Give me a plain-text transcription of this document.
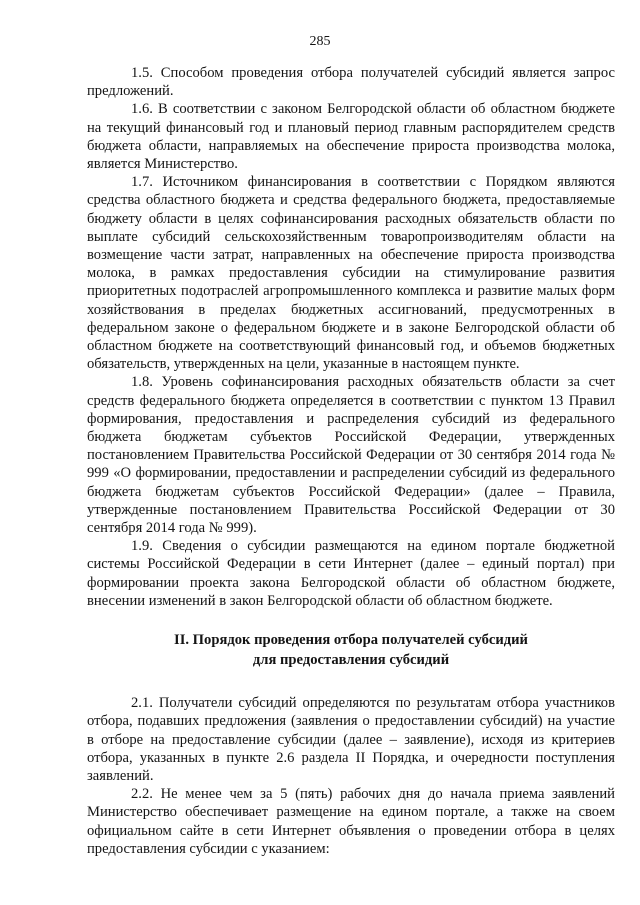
285

1.5. Способом проведения отбора получателей субсидий является запрос предложений.

1.6. В соответствии с законом Белгородской области об областном бюджете на текущий финансовый год и плановый период главным распорядителем средств бюджета области, направляемых на обеспечение прироста производства молока, является Министерство.

1.7. Источником финансирования в соответствии с Порядком являются средства областного бюджета и средства федерального бюджета, предоставляемые бюджету области в целях софинансирования расходных обязательств области по выплате субсидий сельскохозяйственным товаропроизводителям области на возмещение части затрат, направленных на обеспечение прироста производства молока, в рамках предоставления субсидии на стимулирование развития приоритетных подотраслей агропромышленного комплекса и развитие малых форм хозяйствования в пределах бюджетных ассигнований, предусмотренных в федеральном законе о федеральном бюджете и в законе Белгородской области об областном бюджете на соответствующий финансовый год, и объемов бюджетных обязательств, утвержденных на цели, указанные в настоящем пункте.

1.8. Уровень софинансирования расходных обязательств области за счет средств федерального бюджета определяется в соответствии с пунктом 13 Правил формирования, предоставления и распределения субсидий из федерального бюджета бюджетам субъектов Российской Федерации, утвержденных постановлением Правительства Российской Федерации от 30 сентября 2014 года № 999 «О формировании, предоставлении и распределении субсидий из федерального бюджета бюджетам субъектов Российской Федерации» (далее – Правила, утвержденные постановлением Правительства Российской Федерации от 30 сентября 2014 года № 999).

1.9. Сведения о субсидии размещаются на едином портале бюджетной системы Российской Федерации в сети Интернет (далее – единый портал) при формировании проекта закона Белгородской области об областном бюджете, внесении изменений в закон Белгородской области об областном бюджете.

II. Порядок проведения отбора получателей субсидий
для предоставления субсидий

2.1. Получатели субсидий определяются по результатам отбора участников отбора, подавших предложения (заявления о предоставлении субсидий) на участие в отборе на предоставление субсидии (далее – заявление), исходя из критериев отбора, указанных в пункте 2.6 раздела II Порядка, и очередности поступления заявлений.

2.2. Не менее чем за 5 (пять) рабочих дня до начала приема заявлений Министерство обеспечивает размещение на едином портале, а также на своем официальном сайте в сети Интернет объявления о проведении отбора в целях предоставления субсидии с указанием:
